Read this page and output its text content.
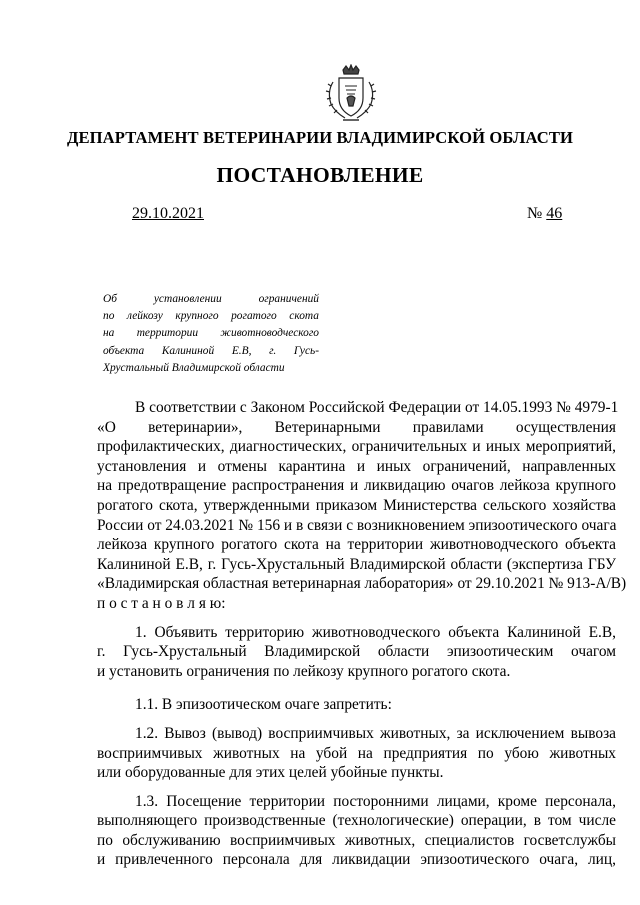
ДЕПАРТАМЕНТ ВЕТЕРИНАРИИ ВЛАДИМИРСКОЙ ОБЛАСТИ
ПОСТАНОВЛЕНИЕ
29.10.2021	№ 46
Об установлении ограничений
по лейкозу крупного рогатого скота
на территории животноводческого
объекта Калининой Е.В, г. Гусь-
Хрустальный Владимирской области
В соответствии с Законом Российской Федерации от 14.05.1993 № 4979-1
«О ветеринарии», Ветеринарными правилами осуществления
профилактических, диагностических, ограничительных и иных мероприятий,
установления и отмены карантина и иных ограничений, направленных
на предотвращение распространения и ликвидацию очагов лейкоза крупного
рогатого скота, утвержденными приказом Министерства сельского хозяйства
России от 24.03.2021 № 156 и в связи с возникновением эпизоотического очага
лейкоза крупного рогатого скота на территории животноводческого объекта
Калининой Е.В, г. Гусь-Хрустальный Владимирской области (экспертиза ГБУ
«Владимирская областная ветеринарная лаборатория» от 29.10.2021 № 913-А/В)
п о с т а н о в л я ю:
1. Объявить территорию животноводческого объекта Калининой Е.В,
г. Гусь-Хрустальный Владимирской области эпизоотическим очагом
и установить ограничения по лейкозу крупного рогатого скота.
1.1. В эпизоотическом очаге запретить:
1.2. Вывоз (вывод) восприимчивых животных, за исключением вывоза
восприимчивых животных на убой на предприятия по убою животных
или оборудованные для этих целей убойные пункты.
1.3. Посещение территории посторонними лицами, кроме персонала,
выполняющего производственные (технологические) операции, в том числе
по обслуживанию восприимчивых животных, специалистов госветслужбы
и привлеченного персонала для ликвидации эпизоотического очага, лиц,
